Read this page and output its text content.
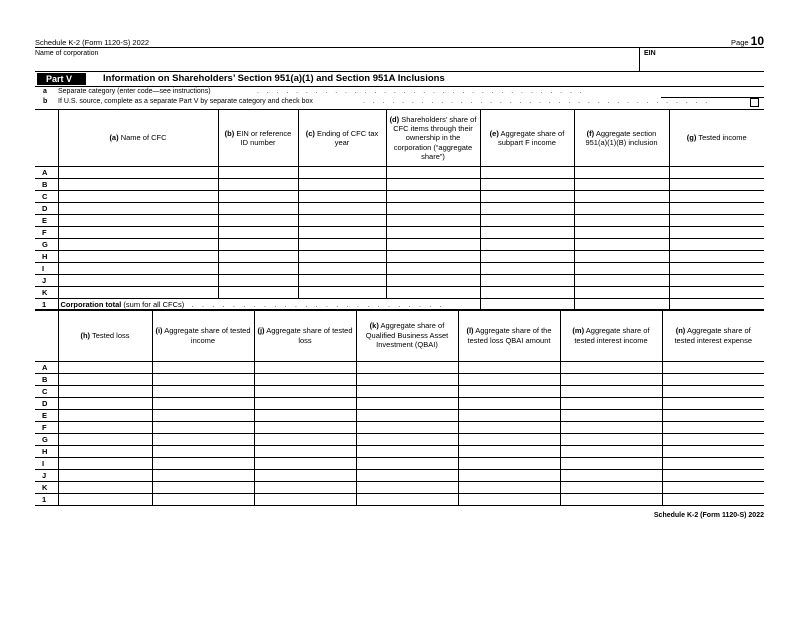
Schedule K-2 (Form 1120-S) 2022	Page 10
Name of corporation	EIN
Part V	Information on Shareholders’ Section 951(a)(1) and Section 951A Inclusions
a Separate category (enter code—see instructions)	.   .   .   .   .   .   .   .   .   .   .   .   .   .   .   .   .   .   .   .   .   .   .   .   .   .   .   .   .   .   .   .   .   .
b If U.S. source, complete as a separate Part V by separate category and check box	.   .   .   .   .   .   .   .   .   .   .   .   .   .   .   .   .   .   .   .   .   .   .   .   .   .   .   .   .   .   .   .   .   .   .   .
	(a) Name of CFC	(b) EIN or reference ID number	(c) Ending of CFC tax year	(d) Shareholders’ share of CFC items through their ownership in the corporation (“aggregate share”)	(e) Aggregate share of subpart F income	(f) Aggregate section 951(a)(1)(B) inclusion	(g) Tested income
A							
B							
C							
D							
E							
F							
G							
H							
I							
J							
K							
1	Corporation total (sum for all CFCs)   .   .   .   .   .   .   .   .   .   .   .   .   .   .   .   .   .   .   .   .   .   .   .   .   .						
	(h) Tested loss	(i) Aggregate share of tested income	(j) Aggregate share of tested loss	(k) Aggregate share of Qualified Business Asset Investment (QBAI)	(l) Aggregate share of the tested loss QBAI amount	(m) Aggregate share of tested interest income	(n) Aggregate share of tested interest expense
A							
B							
C							
D							
E							
F							
G							
H							
I							
J							
K							
1							
Schedule K-2 (Form 1120-S) 2022
